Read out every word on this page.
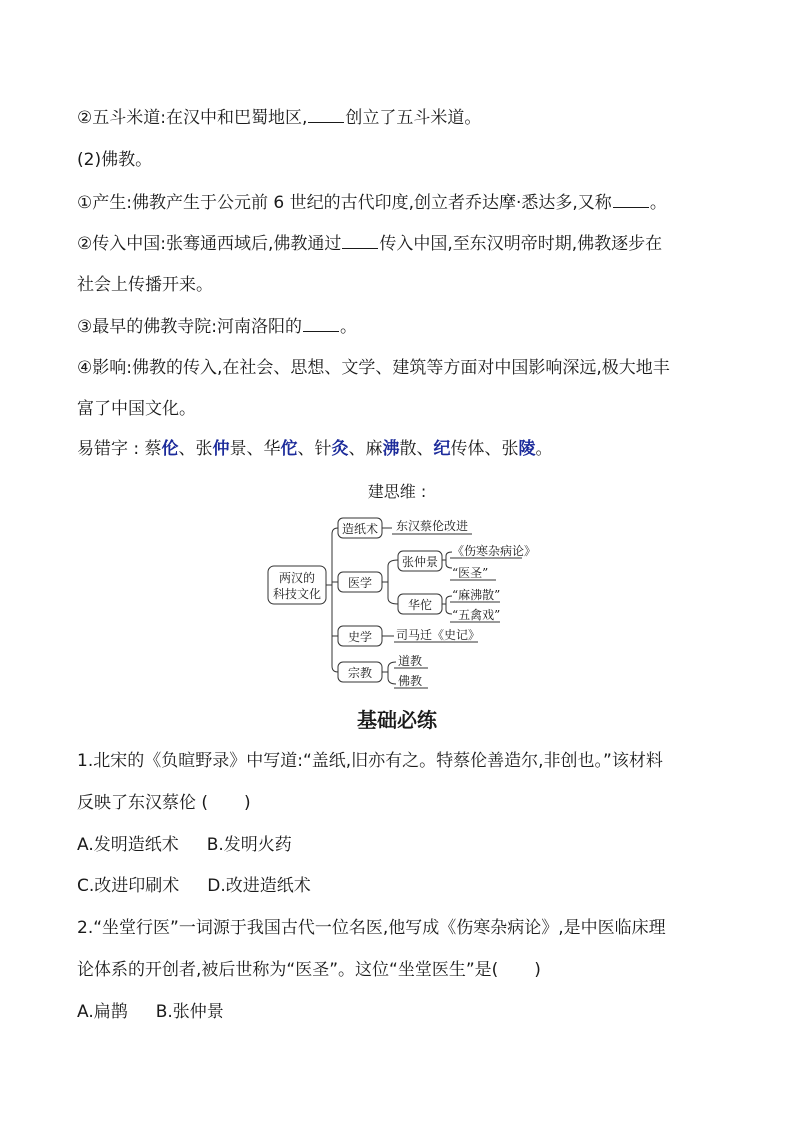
②五斗米道:在汉中和巴蜀地区, 创立了五斗米道。
(2)佛教。
①产生:佛教产生于公元前 6 世纪的古代印度,创立者乔达摩·悉达多,又称 。
②传入中国:张骞通西域后,佛教通过 传入中国,至东汉明帝时期,佛教逐步在
社会上传播开来。
③最早的佛教寺院:河南洛阳的 。
④影响:佛教的传入,在社会、思想、文学、建筑等方面对中国影响深远,极大地丰
富了中国文化。
易错字 : 蔡伦、张仲景、华佗、针灸、麻沸散、纪传体、张陵。
建思维 :
两汉的
科技文化
造纸术 东汉蔡伦改进
医学
张仲景
《伤寒杂病论》
“医圣”
华佗
“麻沸散”
“五禽戏”
史学 司马迁《史记》
宗教
道教
佛教
基础必练
1.北宋的《负暄野录》中写道:“盖纸,旧亦有之。特蔡伦善造尔,非创也。”该材料
反映了东汉蔡伦 ( )
A.发明造纸术 B.发明火药
C.改进印刷术 D.改进造纸术
2.“坐堂行医”一词源于我国古代一位名医,他写成《伤寒杂病论》,是中医临床理
论体系的开创者,被后世称为“医圣”。这位“坐堂医生”是( )
A.扁鹊 B.张仲景
